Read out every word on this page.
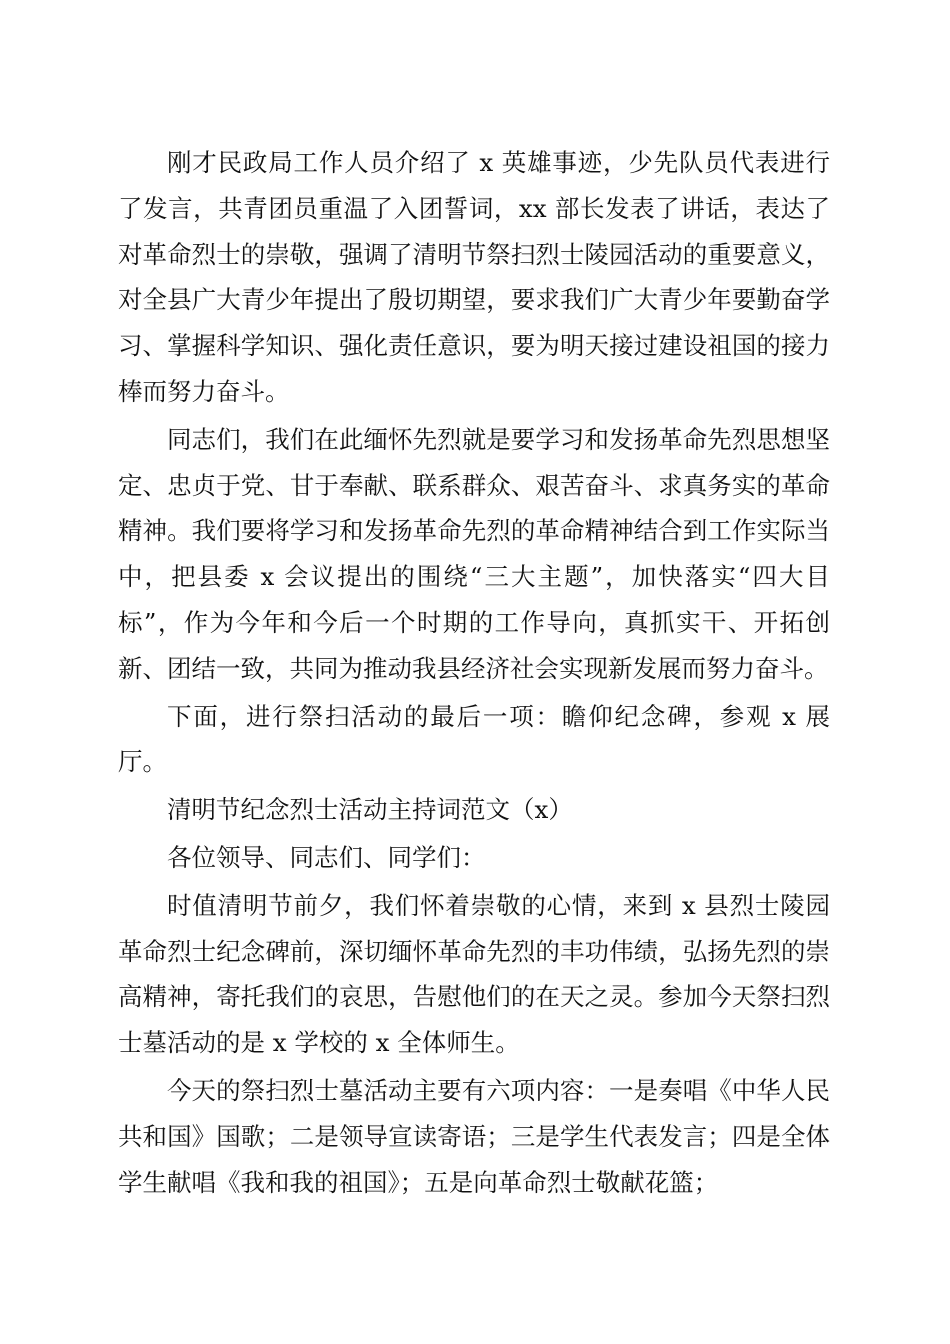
刚才民政局工作人员介绍了 x 英雄事迹，少先队员代表进行了发言，共青团员重温了入团誓词，xx 部长发表了讲话，表达了对革命烈士的崇敬，强调了清明节祭扫烈士陵园活动的重要意义，对全县广大青少年提出了殷切期望，要求我们广大青少年要勤奋学习、掌握科学知识、强化责任意识，要为明天接过建设祖国的接力棒而努力奋斗。

同志们，我们在此缅怀先烈就是要学习和发扬革命先烈思想坚定、忠贞于党、甘于奉献、联系群众、艰苦奋斗、求真务实的革命精神。我们要将学习和发扬革命先烈的革命精神结合到工作实际当中，把县委 x 会议提出的围绕“三大主题”，加快落实“四大目标”，作为今年和今后一个时期的工作导向，真抓实干、开拓创新、团结一致，共同为推动我县经济社会实现新发展而努力奋斗。

下面，进行祭扫活动的最后一项：瞻仰纪念碑，参观 x 展厅。

清明节纪念烈士活动主持词范文（x）

各位领导、同志们、同学们：

时值清明节前夕，我们怀着崇敬的心情，来到 x 县烈士陵园革命烈士纪念碑前，深切缅怀革命先烈的丰功伟绩，弘扬先烈的崇高精神，寄托我们的哀思，告慰他们的在天之灵。参加今天祭扫烈士墓活动的是 x 学校的 x 全体师生。

今天的祭扫烈士墓活动主要有六项内容：一是奏唱《中华人民共和国》国歌；二是领导宣读寄语；三是学生代表发言；四是全体学生献唱《我和我的祖国》；五是向革命烈士敬献花篮；
